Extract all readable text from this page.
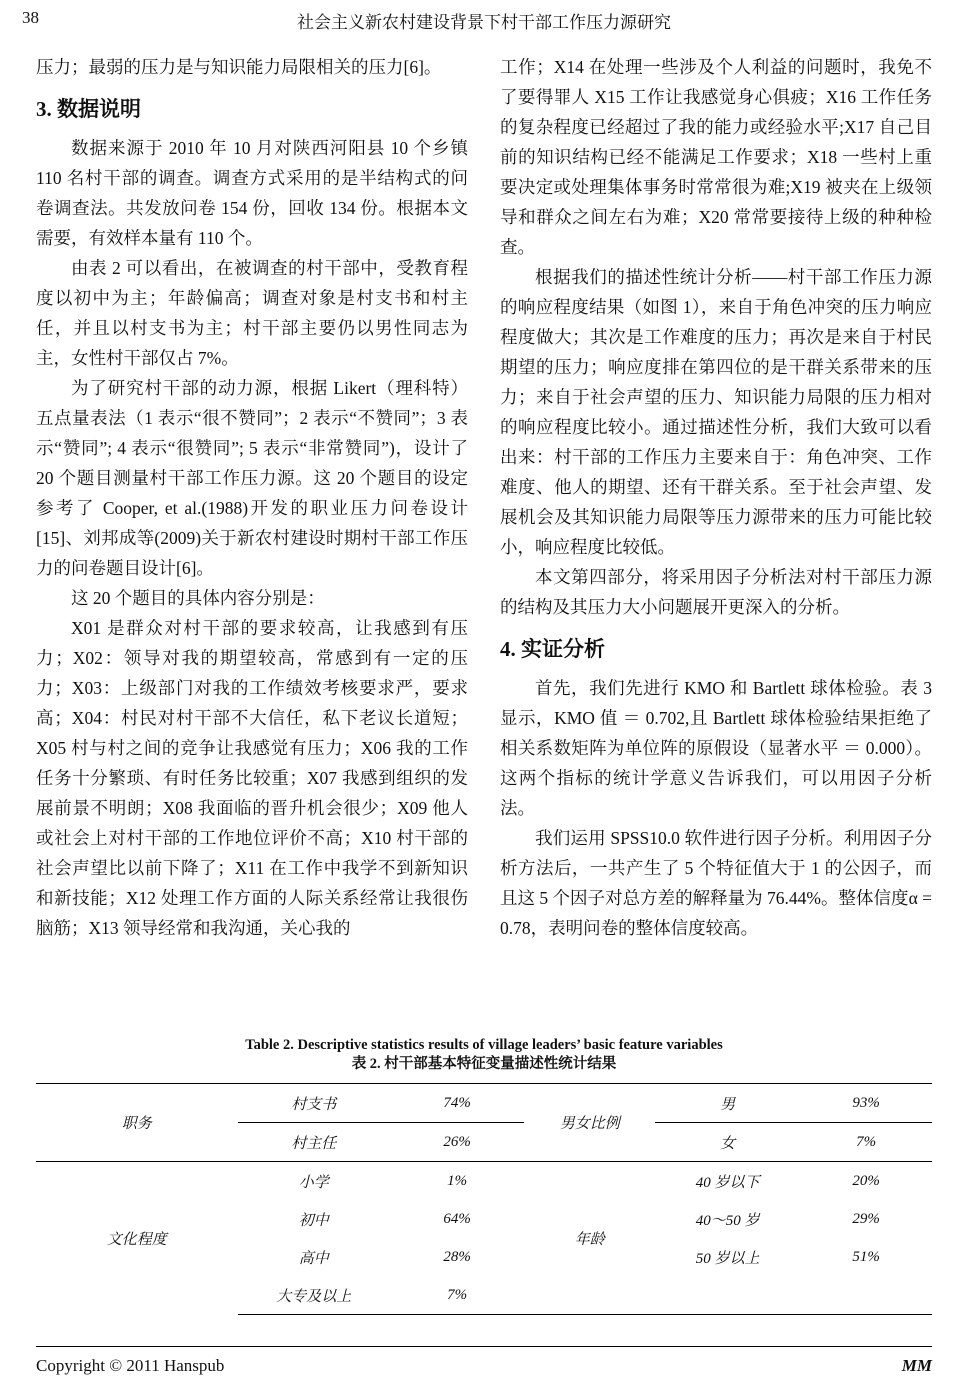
38	社会主义新农村建设背景下村干部工作压力源研究

压力；最弱的压力是与知识能力局限相关的压力[6]。

3. 数据说明

数据来源于 2010 年 10 月对陕西河阳县 10 个乡镇 110 名村干部的调查。调查方式采用的是半结构式的问卷调查法。共发放问卷 154 份，回收 134 份。根据本文需要，有效样本量有 110 个。

由表 2 可以看出，在被调查的村干部中，受教育程度以初中为主；年龄偏高；调查对象是村支书和村主任，并且以村支书为主；村干部主要仍以男性同志为主，女性村干部仅占 7%。

为了研究村干部的动力源，根据 Likert（理科特）五点量表法（1 表示“很不赞同”；2 表示“不赞同”；3 表示“赞同”; 4 表示“很赞同”; 5 表示“非常赞同”)，设计了 20 个题目测量村干部工作压力源。这 20 个题目的设定参考了 Cooper, et al.(1988)开发的职业压力问卷设计[15]、刘邦成等(2009)关于新农村建设时期村干部工作压力的问卷题目设计[6]。

这 20 个题目的具体内容分别是：

X01 是群众对村干部的要求较高，让我感到有压力；X02：领导对我的期望较高，常感到有一定的压力；X03：上级部门对我的工作绩效考核要求严，要求高；X04：村民对村干部不大信任，私下老议长道短；X05 村与村之间的竞争让我感觉有压力；X06 我的工作任务十分繁琐、有时任务比较重；X07 我感到组织的发展前景不明朗；X08 我面临的晋升机会很少；X09 他人或社会上对村干部的工作地位评价不高；X10 村干部的社会声望比以前下降了；X11 在工作中我学不到新知识和新技能；X12 处理工作方面的人际关系经常让我很伤脑筋；X13 领导经常和我沟通，关心我的

工作；X14 在处理一些涉及个人利益的问题时，我免不了要得罪人 X15 工作让我感觉身心俱疲；X16 工作任务的复杂程度已经超过了我的能力或经验水平;X17 自己目前的知识结构已经不能满足工作要求；X18 一些村上重要决定或处理集体事务时常常很为难;X19 被夹在上级领导和群众之间左右为难；X20 常常要接待上级的种种检查。

根据我们的描述性统计分析——村干部工作压力源的响应程度结果（如图 1），来自于角色冲突的压力响应程度做大；其次是工作难度的压力；再次是来自于村民期望的压力；响应度排在第四位的是干群关系带来的压力；来自于社会声望的压力、知识能力局限的压力相对的响应程度比较小。通过描述性分析，我们大致可以看出来：村干部的工作压力主要来自于：角色冲突、工作难度、他人的期望、还有干群关系。至于社会声望、发展机会及其知识能力局限等压力源带来的压力可能比较小，响应程度比较低。

本文第四部分，将采用因子分析法对村干部压力源的结构及其压力大小问题展开更深入的分析。

4. 实证分析

首先，我们先进行 KMO 和 Bartlett 球体检验。表 3 显示，KMO 值 ＝ 0.702,且 Bartlett 球体检验结果拒绝了相关系数矩阵为单位阵的原假设（显著水平 ＝ 0.000）。这两个指标的统计学意义告诉我们，可以用因子分析法。

我们运用 SPSS10.0 软件进行因子分析。利用因子分析方法后，一共产生了 5 个特征值大于 1 的公因子，而且这 5 个因子对总方差的解释量为 76.44%。整体信度α = 0.78，表明问卷的整体信度较高。

Table 2. Descriptive statistics results of village leaders’ basic feature variables

表 2. 村干部基本特征变量描述性统计结果

职务	村支书	74%	男女比例	男	93%
	村主任	26%		女	7%
文化程度	小学	1%	年龄	40 岁以下	20%
	初中	64%		40～50 岁	29%
	高中	28%		50 岁以上	51%
	大专及以上	7%			
Copyright © 2011 Hanspub	MM
